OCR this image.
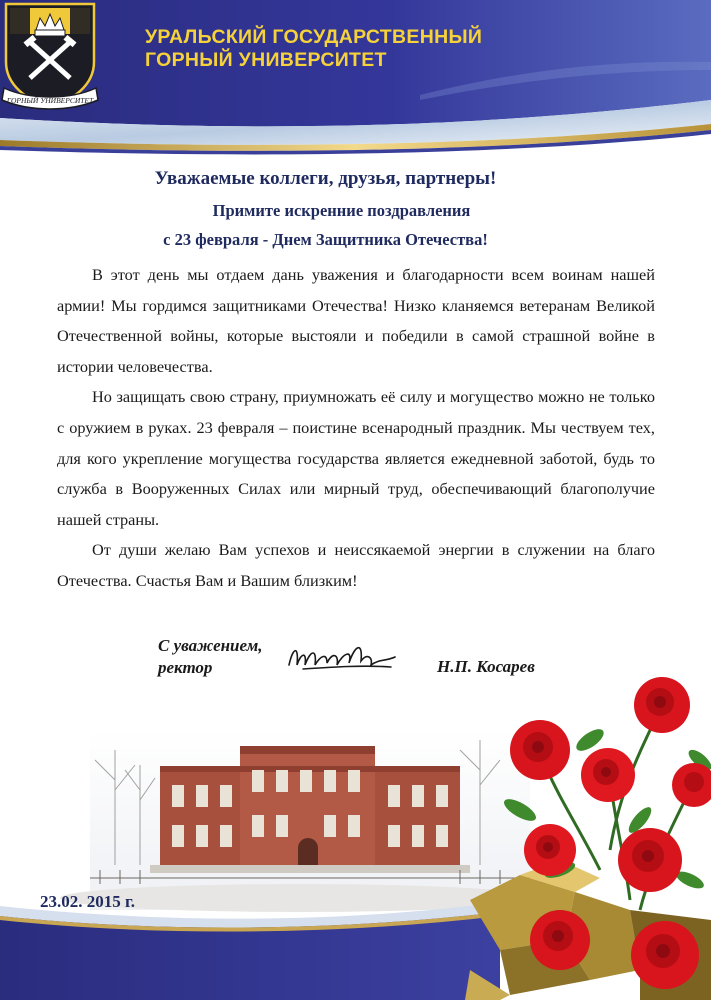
ГОРНЫЙ УНИВЕРСИТЕТ
УРАЛЬСКИЙ ГОСУДАРСТВЕННЫЙ
ГОРНЫЙ УНИВЕРСИТЕТ

Уважаемые коллеги, друзья, партнеры!

Примите искренние поздравления

с 23 февраля - Днем Защитника Отечества!

В этот день мы отдаем дань уважения и благодарности всем воинам нашей армии! Мы гордимся защитниками Отечества! Низко кланяемся ветеранам Великой Отечественной войны, которые выстояли и победили в самой страшной войне в истории человечества.

Но защищать свою страну, приумножать её силу и могущество можно не только с оружием в руках. 23 февраля – поистине всенародный праздник. Мы чествуем тех, для кого укрепление могущества государства является ежедневной заботой, будь то служба в Вооруженных Силах или мирный труд, обеспечивающий благополучие нашей страны.

От души желаю Вам успехов и неиссякаемой энергии в служении на благо Отечества. Счастья Вам и Вашим близким!

С уважением,
ректор	Н.П. Косарев

23.02. 2015 г.
